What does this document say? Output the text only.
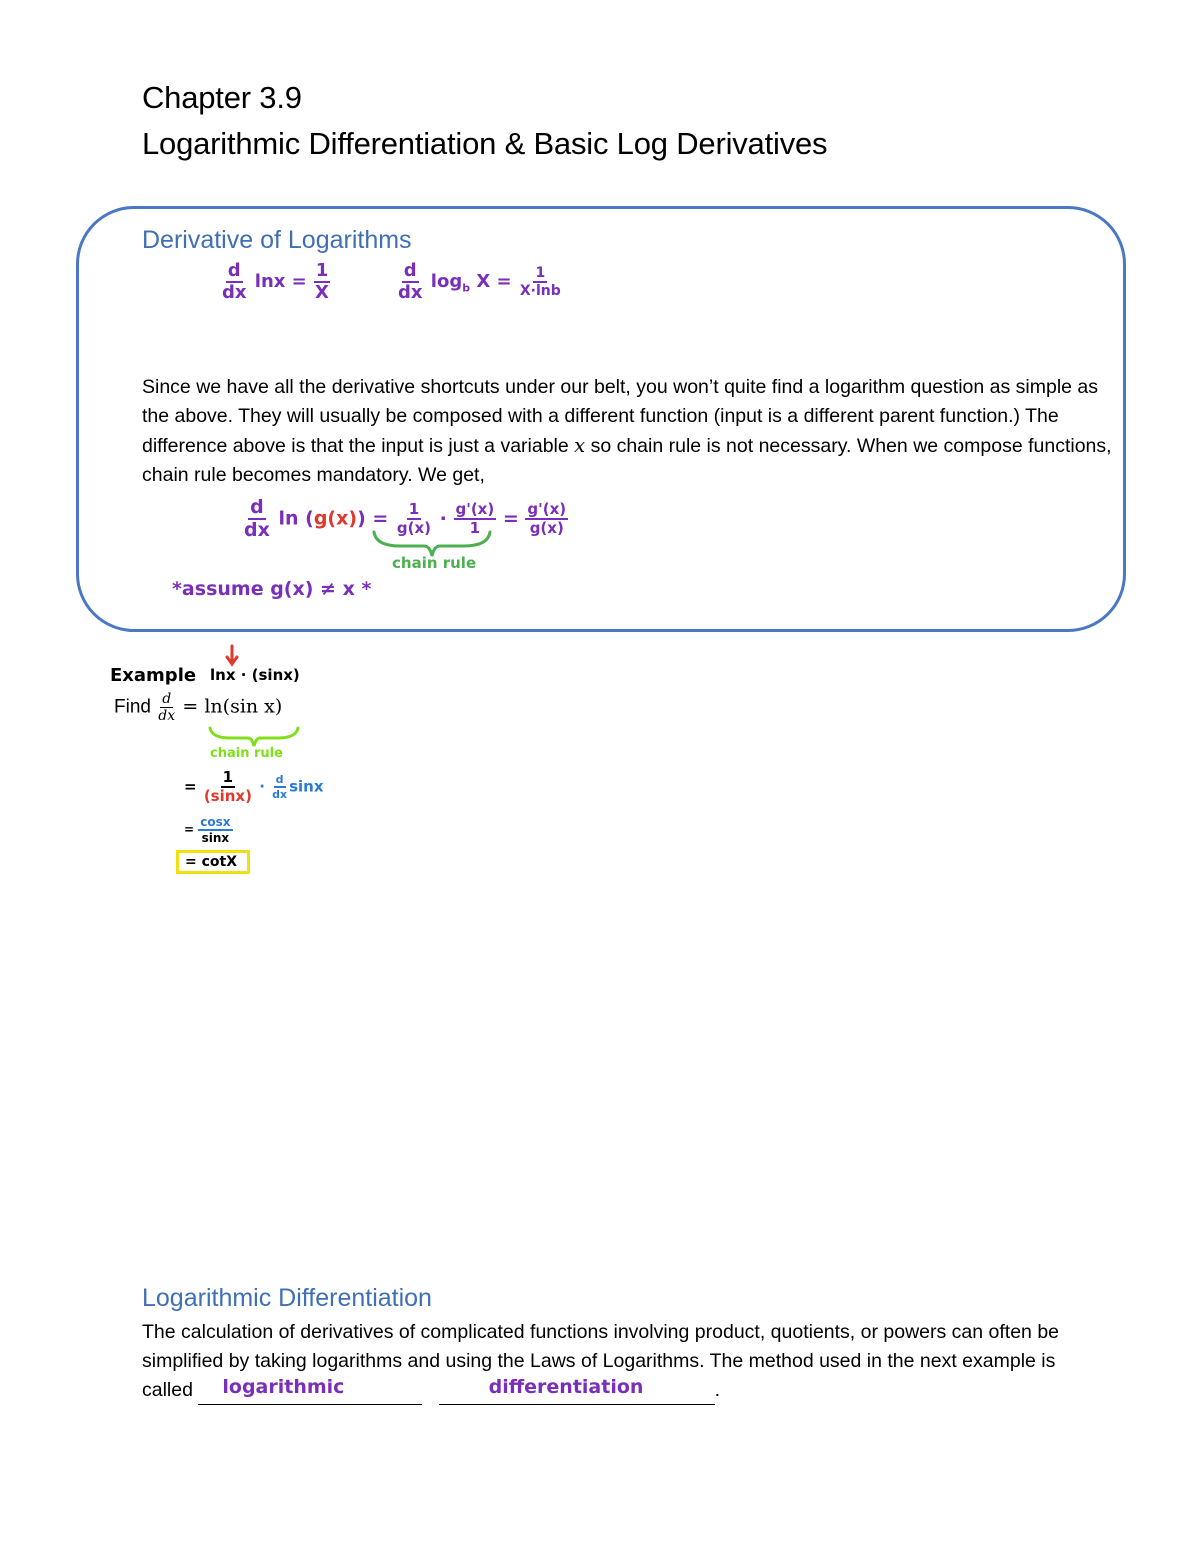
Chapter 3.9
Logarithmic Differentiation & Basic Log Derivatives
Derivative of Logarithms
$\frac{d}{dx}$ $\ln x = \frac{1}{X}$	$\frac{d}{dx} \log_b X = \frac{1}{X\cdot\ln b}$
Since we have all the derivative shortcuts under our belt, you won’t quite find a logarithm question as simple as the above. They will usually be composed with a different function (input is a different parent function.) The difference above is that the input is just a variable x so chain rule is not necessary. When we compose functions, chain rule becomes mandatory. We get,
$\frac{d}{dx}$ $\ln (g(x)) = \frac{1}{g(x)} \cdot \frac{g'(x)}{1} = \frac{g'(x)}{g(x)}$
chain rule
*assume g(x) ≠ x *
Example lnx · (sinx)
Find $\frac{d}{dx} = \ln(\sin$ x)
chain rule
= $\frac{1}{(\sin x)} \cdot \frac{d}{dx}$ sinx
= $\frac{\cos x}{\sin x}$
= cotX
Logarithmic Differentiation
The calculation of derivatives of complicated functions involving product, quotients, or powers can often be simplified by taking logarithms and using the Laws of Logarithms. The method used in the next example is called logarithmic
	differentiation	.
